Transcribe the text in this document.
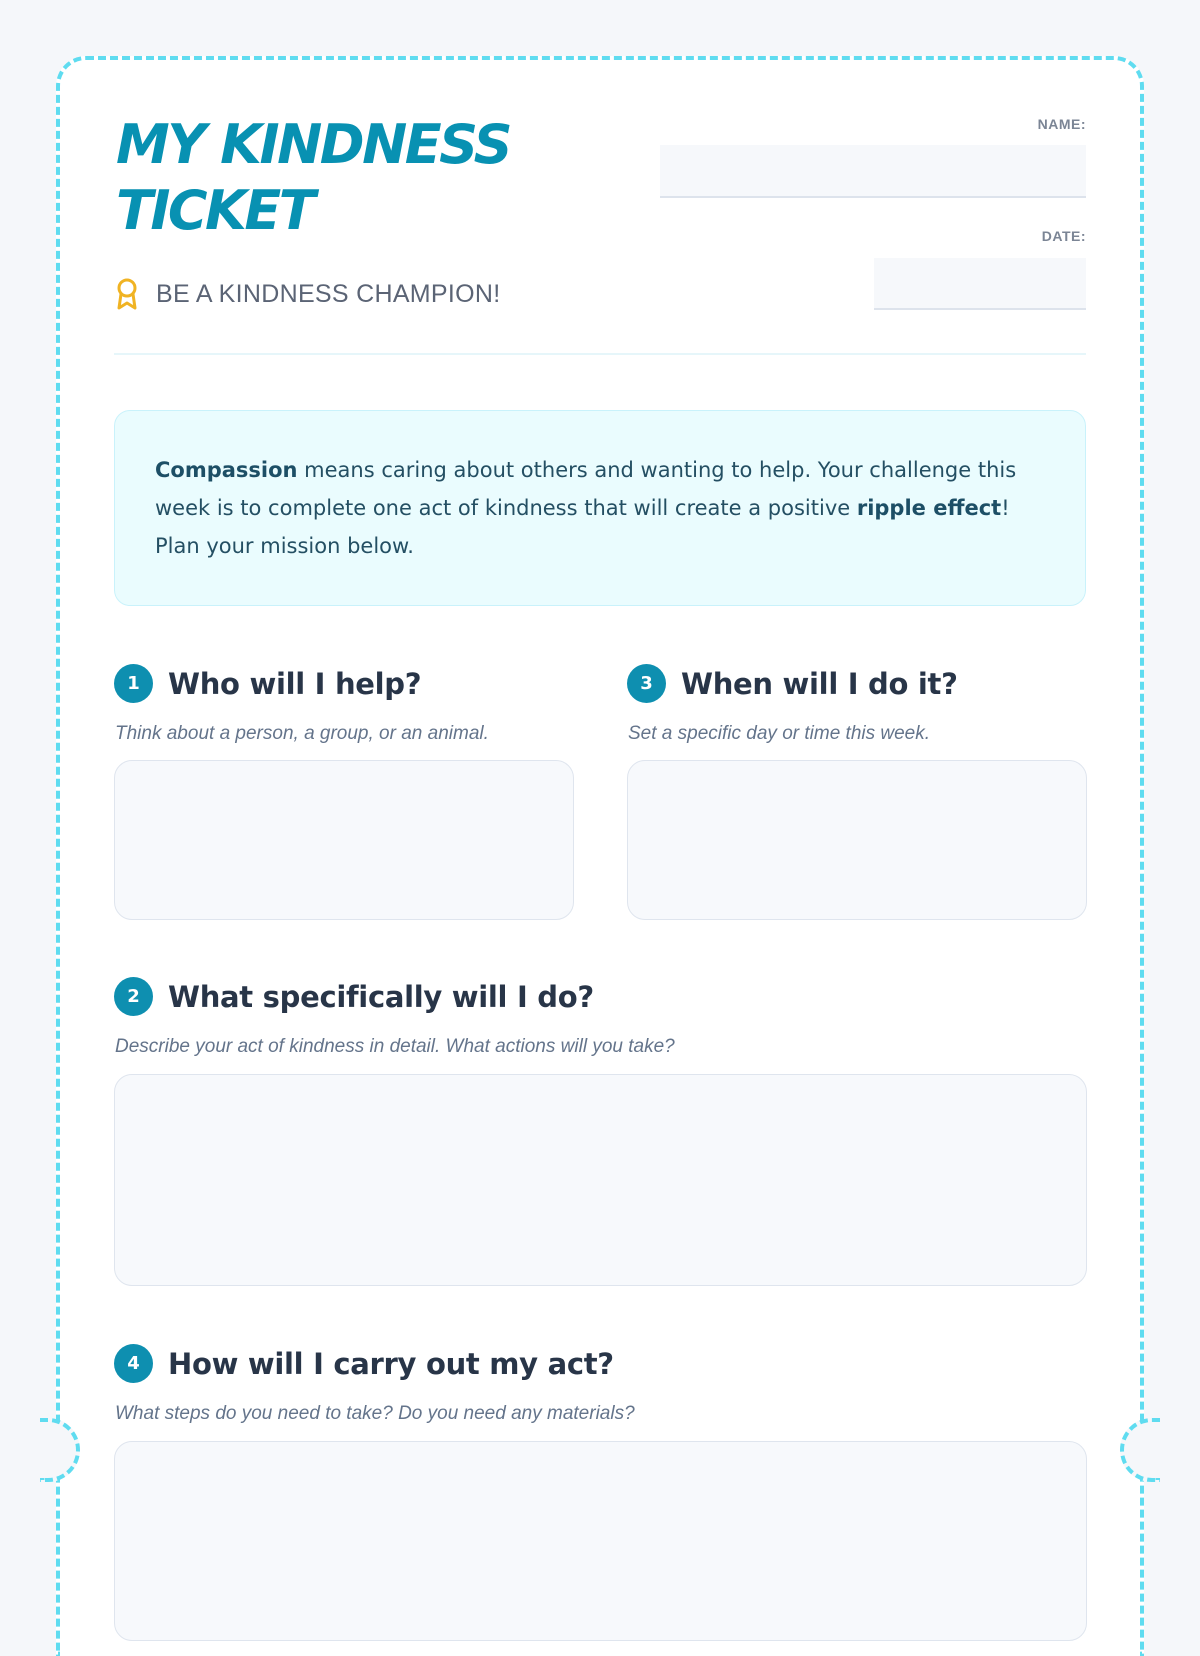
MY KINDNESS
TICKET
BE A KINDNESS CHAMPION!
NAME:
DATE:
Compassion means caring about others and wanting to help. Your challenge this week is to complete one act of kindness that will create a positive ripple effect! Plan your mission below.
1 Who will I help?
Think about a person, a group, or an animal.
3 When will I do it?
Set a specific day or time this week.
2 What specifically will I do?
Describe your act of kindness in detail. What actions will you take?
4 How will I carry out my act?
What steps do you need to take? Do you need any materials?
